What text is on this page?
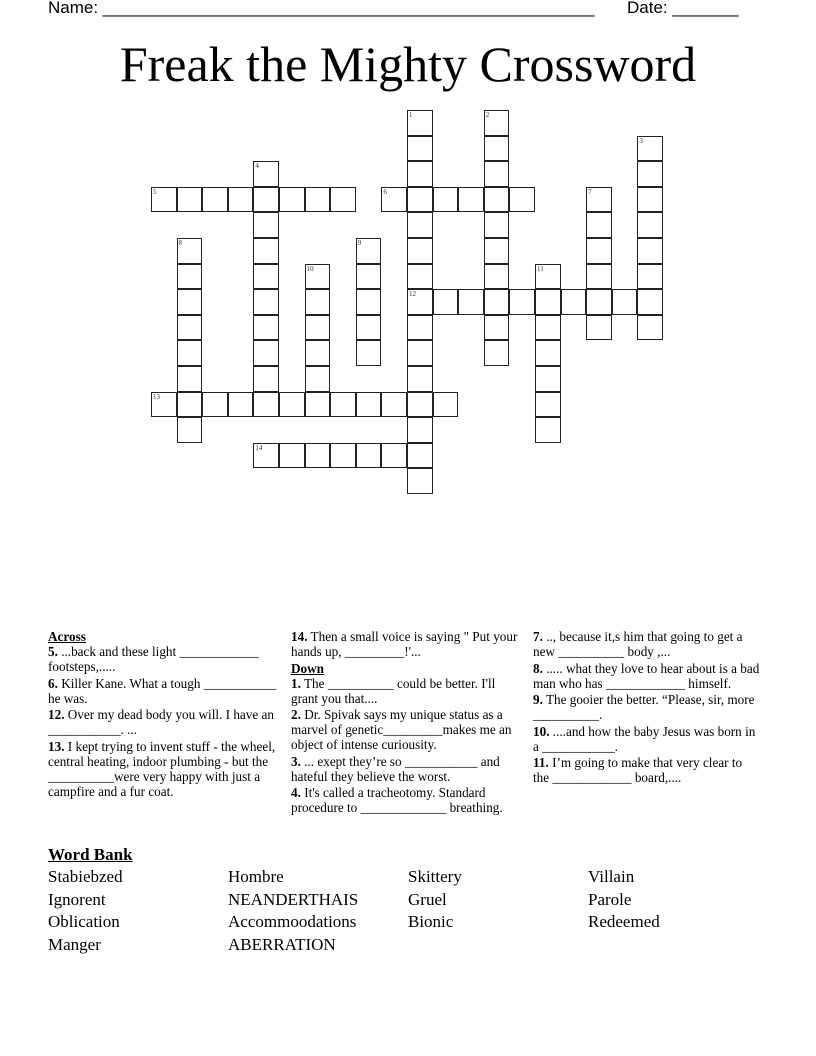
Name: ____________________________________________________ Date: _______
Freak the Mighty Crossword
1
12
2
3
4
5	6	7
8	9
10	11
13
14
Across
5. ...back and these light ____________ footsteps,.....
6. Killer Kane. What a tough ___________ he was.
12. Over my dead body you will. I have an ___________. ...
13. I kept trying to invent stuff - the wheel, central heating, indoor plumbing - but the __________were very happy with just a campfire and a fur coat.
14. Then a small voice is saying " Put your hands up, _________!'...
Down
1. The __________ could be better. I'll grant you that....
2. Dr. Spivak says my unique status as a marvel of genetic_________makes me an object of intense curiousity.
3. ... exept they’re so ___________ and hateful they believe the worst.
4. It's called a tracheotomy. Standard procedure to _____________ breathing.
7. .., because it,s him that going to get a new __________ body ,...
8. ..... what they love to hear about is a bad man who has ____________ himself.
9. The gooier the better. “Please, sir, more __________.
10. ....and how the baby Jesus was born in a ___________.
11. I’m going to make that very clear to the ____________ board,....
Word Bank
Stabiebzed	Hombre	Skittery	Villain
Ignorent	NEANDERTHAIS	Gruel	Parole
Oblication	Accommoodations	Bionic	Redeemed
Manger	ABERRATION
